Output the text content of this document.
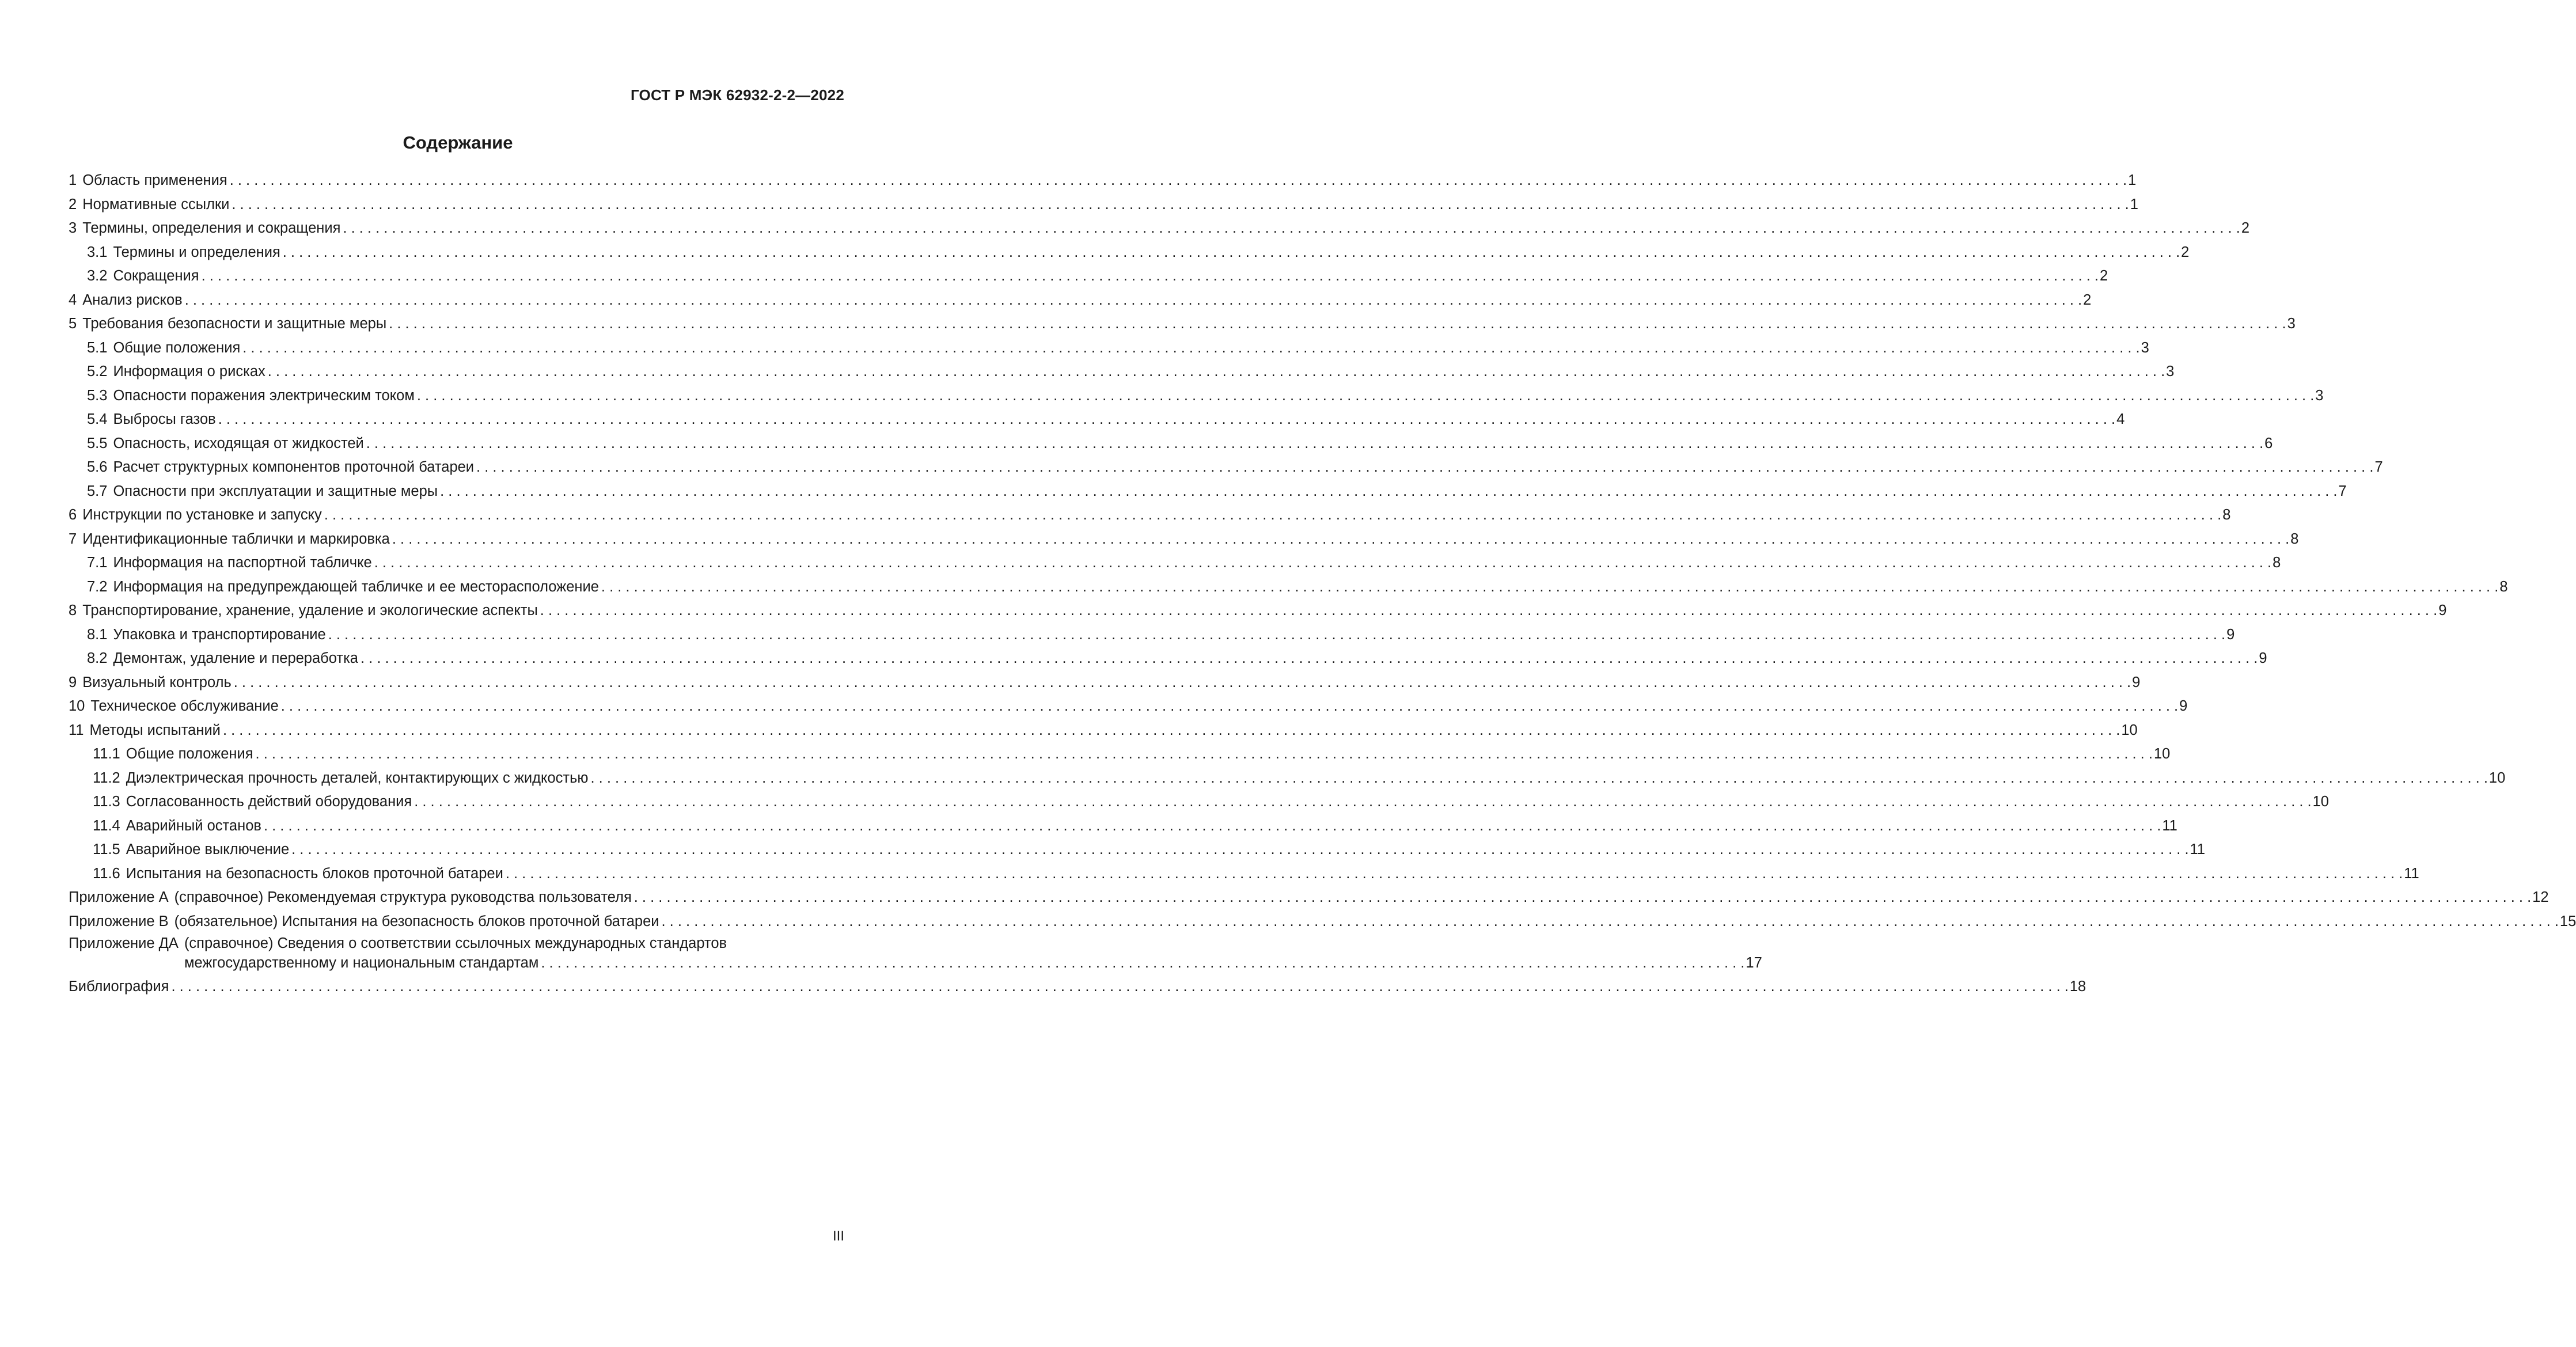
ГОСТ Р МЭК 62932-2-2—2022
Содержание
1 Область применения . . .	1
2 Нормативные ссылки . . .	1
3 Термины, определения и сокращения . . .	2
3.1 Термины и определения . . .	2
3.2 Сокращения . . .	2
4 Анализ рисков . . .	2
5 Требования безопасности и защитные меры . . .	3
5.1 Общие положения . . .	3
5.2 Информация о рисках . . .	3
5.3 Опасности поражения электрическим током . . .	3
5.4 Выбросы газов . . .	4
5.5 Опасность, исходящая от жидкостей . . .	6
5.6 Расчет структурных компонентов проточной батареи . . .	7
5.7 Опасности при эксплуатации и защитные меры . . .	7
6 Инструкции по установке и запуску . . .	8
7 Идентификационные таблички и маркировка . . .	8
7.1 Информация на паспортной табличке . . .	8
7.2 Информация на предупреждающей табличке и ее месторасположение . . .	8
8 Транспортирование, хранение, удаление и экологические аспекты . . .	9
8.1 Упаковка и транспортирование . . .	9
8.2 Демонтаж, удаление и переработка . . .	9
9 Визуальный контроль . . .	9
10 Техническое обслуживание . . .	9
11 Методы испытаний . . .	10
11.1 Общие положения . . .	10
11.2 Диэлектрическая прочность деталей, контактирующих с жидкостью . . .	10
11.3 Согласованность действий оборудования . . .	10
11.4 Аварийный останов . . .	11
11.5 Аварийное выключение . . .	11
11.6 Испытания на безопасность блоков проточной батареи . . .	11
Приложение А (справочное) Рекомендуемая структура руководства пользователя . . .	12
Приложение В (обязательное) Испытания на безопасность блоков проточной батареи . . .	15
Приложение ДА (справочное) Сведения о соответствии ссылочных международных стандартов
межгосударственному и национальным стандартам . . .	17
Библиография . . .	18
III
